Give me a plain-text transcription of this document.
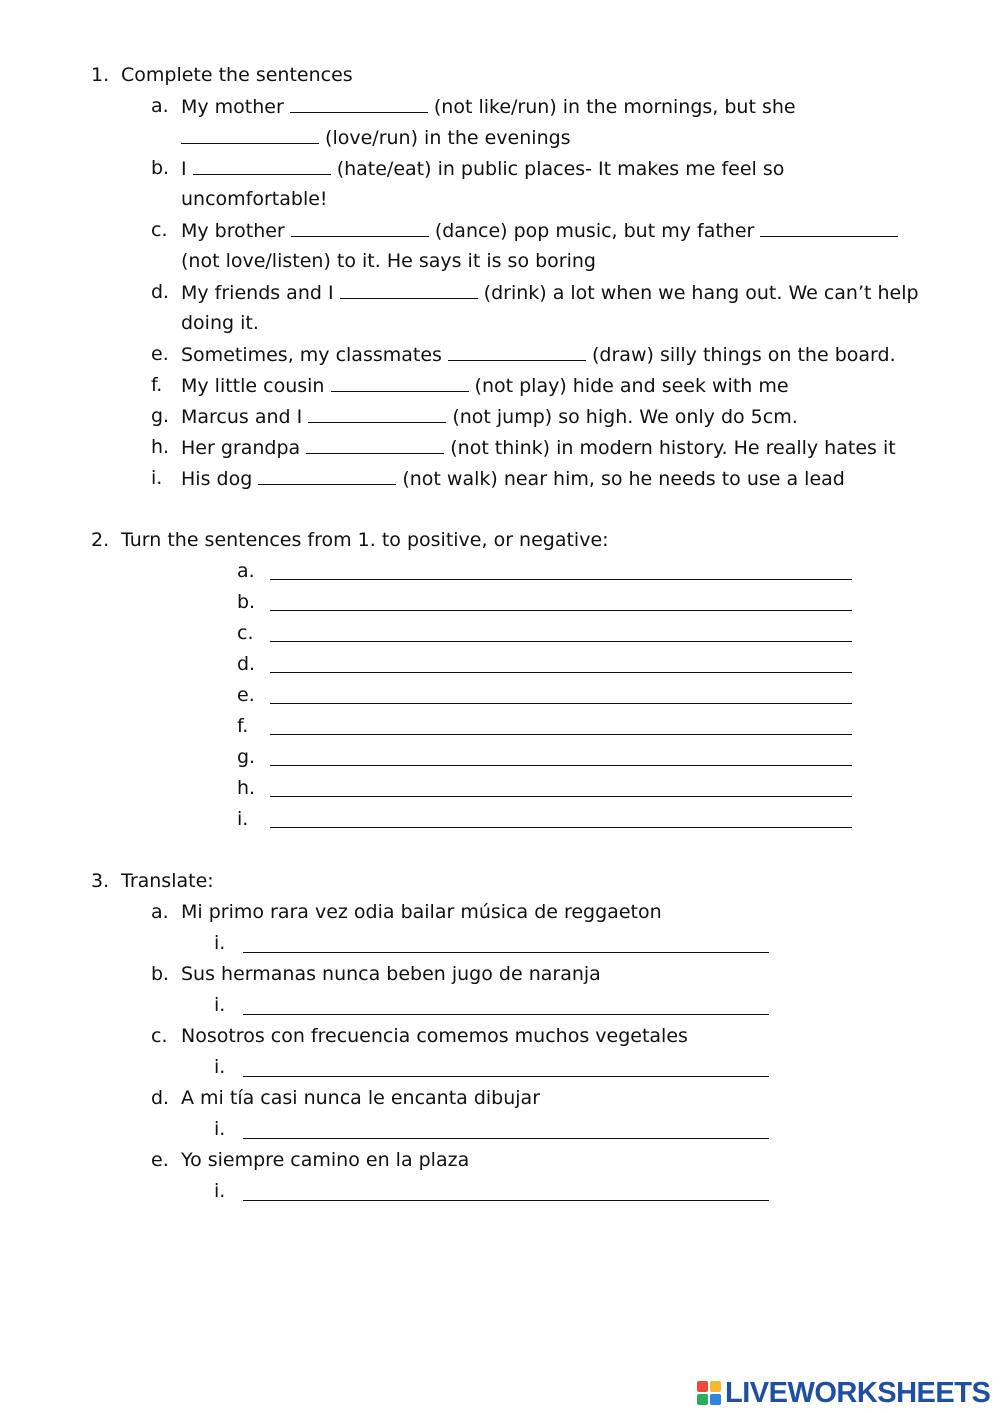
1. Complete the sentences
a. My mother	(not like/run) in the mornings, but she
(love/run) in the evenings
b. I	(hate/eat) in public places- It makes me feel so
uncomfortable!
c. My brother	(dance) pop music, but my father
(not love/listen) to it. He says it is so boring
d. My friends and I	(drink) a lot when we hang out. We can’t help
doing it.
e. Sometimes, my classmates	(draw) silly things on the board.
f. My little cousin	(not play) hide and seek with me
g. Marcus and I	(not jump) so high. We only do 5cm.
h. Her grandpa	(not think) in modern history. He really hates it
i. His dog	(not walk) near him, so he needs to use a lead
2. Turn the sentences from 1. to positive, or negative:
a.
b.
c.
d.
e.
f.
g.
h.
i.
3. Translate:
a. Mi primo rara vez odia bailar música de reggaeton
i.
b. Sus hermanas nunca beben jugo de naranja
i.
c. Nosotros con frecuencia comemos muchos vegetales
i.
d. A mi tía casi nunca le encanta dibujar
i.
e. Yo siempre camino en la plaza
i.
LIVEWORKSHEETS
